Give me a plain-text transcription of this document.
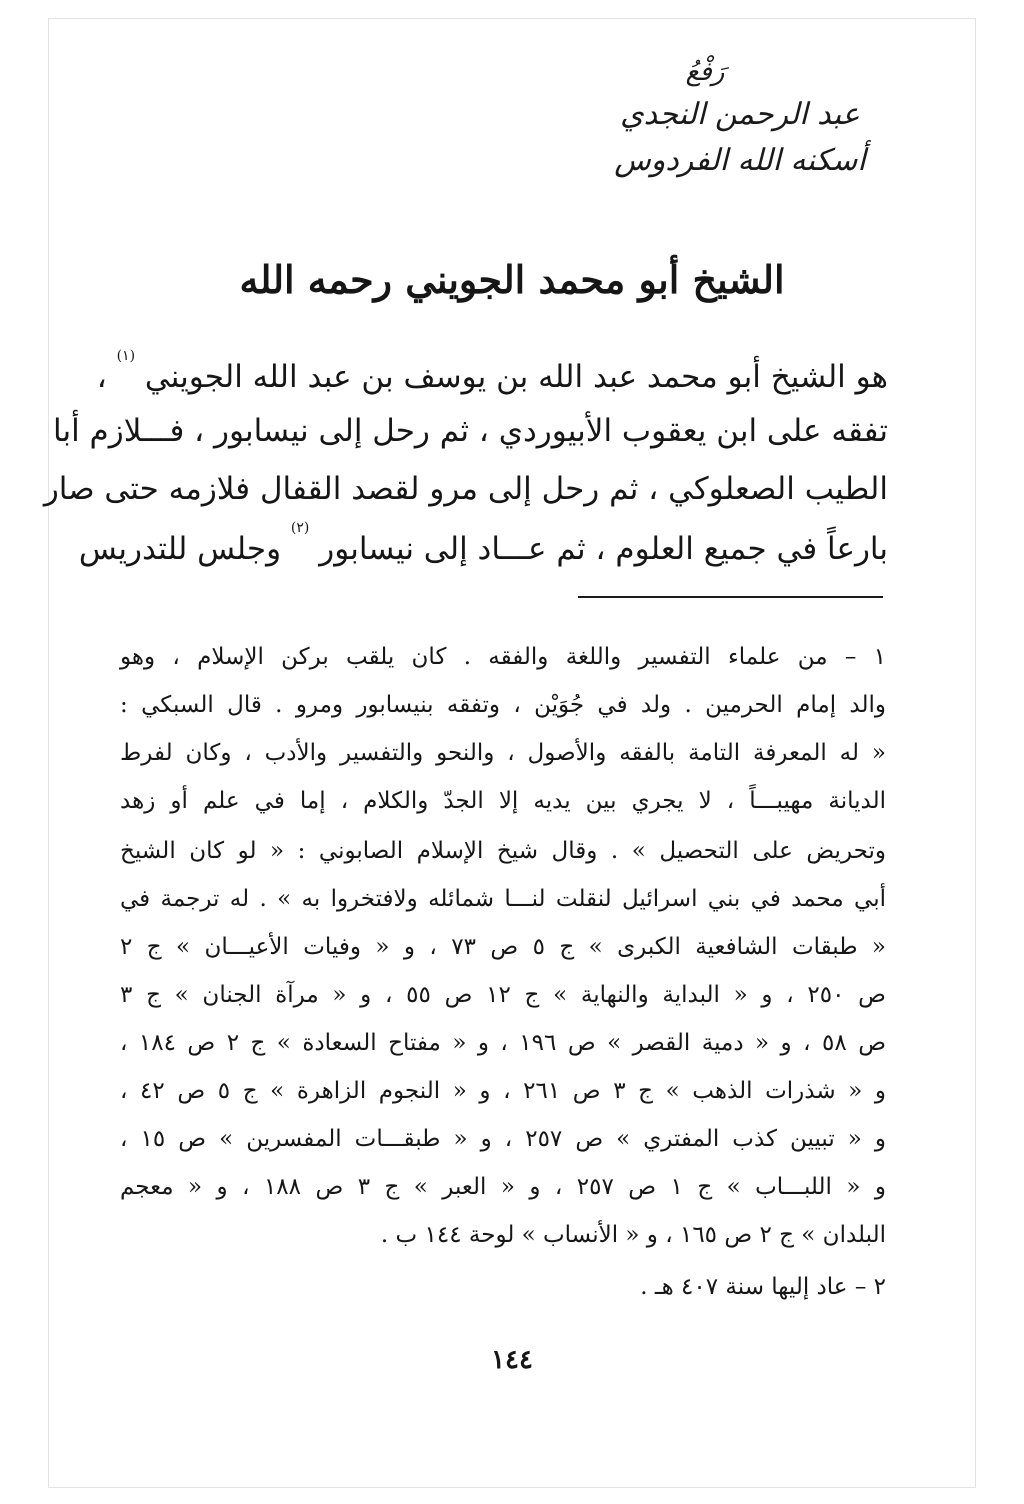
رَفْعُ
عبد الرحمن النجدي
أسكنه الله الفردوس
الشيخ أبو محمد الجويني رحمه الله
هو الشيخ أبو محمد عبد الله بن يوسف بن عبد الله الجويني $^{(١)}$ ،
تفقه على ابن يعقوب الأبيوردي ، ثم رحل إلى نيسابور ، فـــلازم أبا
الطيب الصعلوكي ، ثم رحل إلى مرو لقصد القفال فلازمه حتى صار
بارعاً في جميع العلوم ، ثم عـــاد إلى نيسابور $^{(٢)}$ وجلس للتدريس
١ – من علماء التفسير واللغة والفقه . كان يلقب بركن الإسلام ، وهو
والد إمام الحرمين . ولد في جُوَيْن ، وتفقه بنيسابور ومرو . قال السبكي :
« له المعرفة التامة بالفقه والأصول ، والنحو والتفسير والأدب ، وكان لفرط
الديانة مهيبـــاً ، لا يجري بين يديه إلا الجدّ والكلام ، إما في علم أو زهد
وتحريض على التحصيل » . وقال شيخ الإسلام الصابوني : « لو كان الشيخ
أبي محمد في بني اسرائيل لنقلت لنـــا شمائله ولافتخروا به » . له ترجمة في
« طبقات الشافعية الكبرى » ج ٥ ص ٧٣ ، و « وفيات الأعيـــان » ج ٢
ص ٢٥٠ ، و « البداية والنهاية » ج ١٢ ص ٥٥ ، و « مرآة الجنان » ج ٣
ص ٥٨ ، و « دمية القصر » ص ١٩٦ ، و « مفتاح السعادة » ج ٢ ص ١٨٤ ،
و « شذرات الذهب » ج ٣ ص ٢٦١ ، و « النجوم الزاهرة » ج ٥ ص ٤٢ ،
و « تبيين كذب المفتري » ص ٢٥٧ ، و « طبقـــات المفسرين » ص ١٥ ،
و « اللبـــاب » ج ١ ص ٢٥٧ ، و « العبر » ج ٣ ص ١٨٨ ، و « معجم
البلدان » ج ٢ ص ١٦٥ ، و « الأنساب » لوحة ١٤٤ ب .
٢ – عاد إليها سنة ٤٠٧ هـ .
١٤٤
